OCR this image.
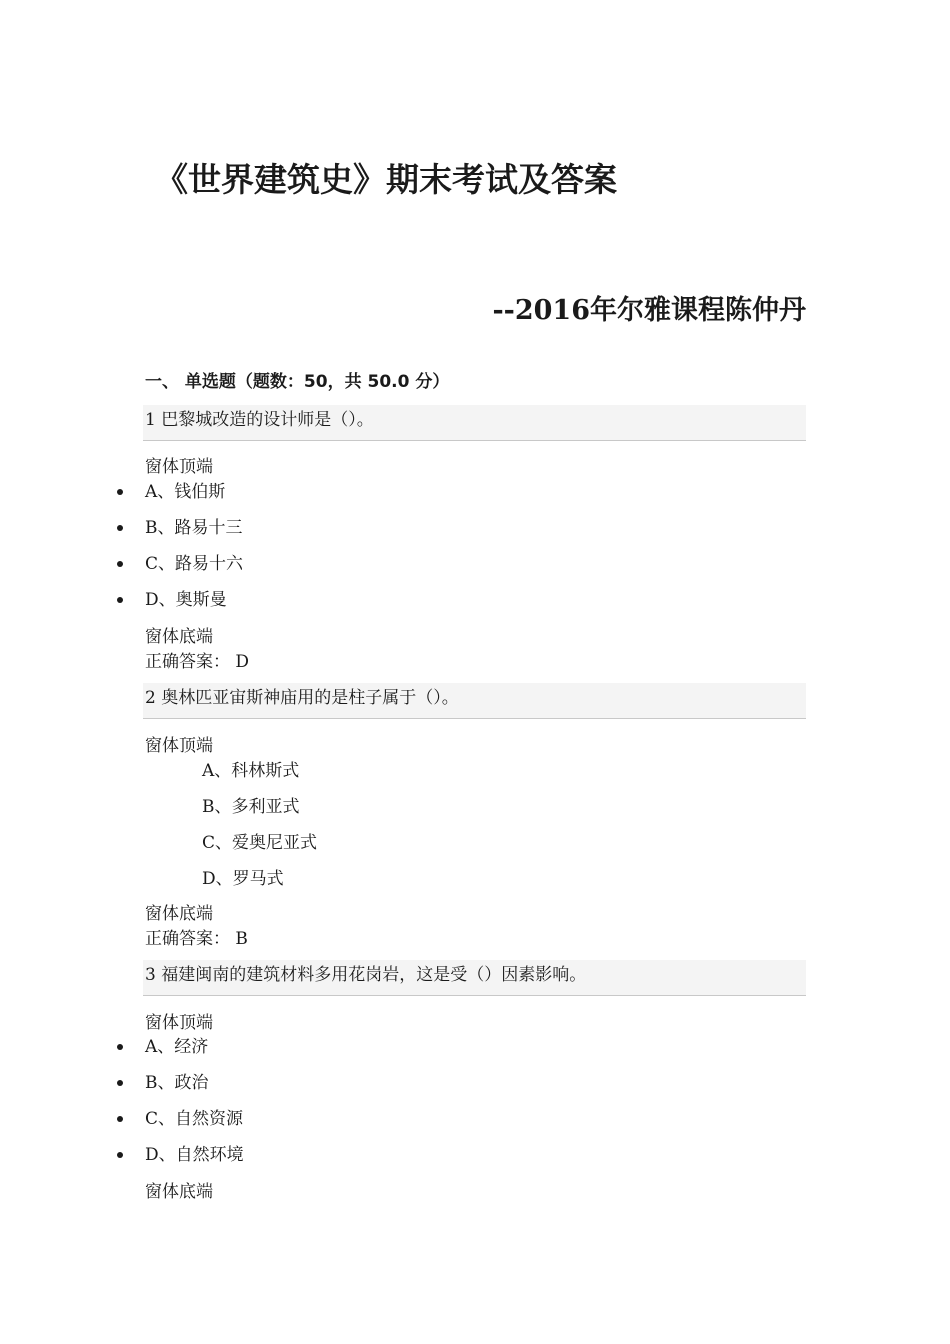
《世界建筑史》期末考试及答案
--2016年尔雅课程陈仲丹
一、 单选题（题数：50，共 50.0 分）
1 巴黎城改造的设计师是（）。
窗体顶端
A、钱伯斯
B、路易十三
C、路易十六
D、奥斯曼
窗体底端
正确答案： D
2 奥林匹亚宙斯神庙用的是柱子属于（）。
窗体顶端
A、科林斯式
B、多利亚式
C、爱奥尼亚式
D、罗马式
窗体底端
正确答案： B
3 福建闽南的建筑材料多用花岗岩，这是受（）因素影响。
窗体顶端
A、经济
B、政治
C、自然资源
D、自然环境
窗体底端
